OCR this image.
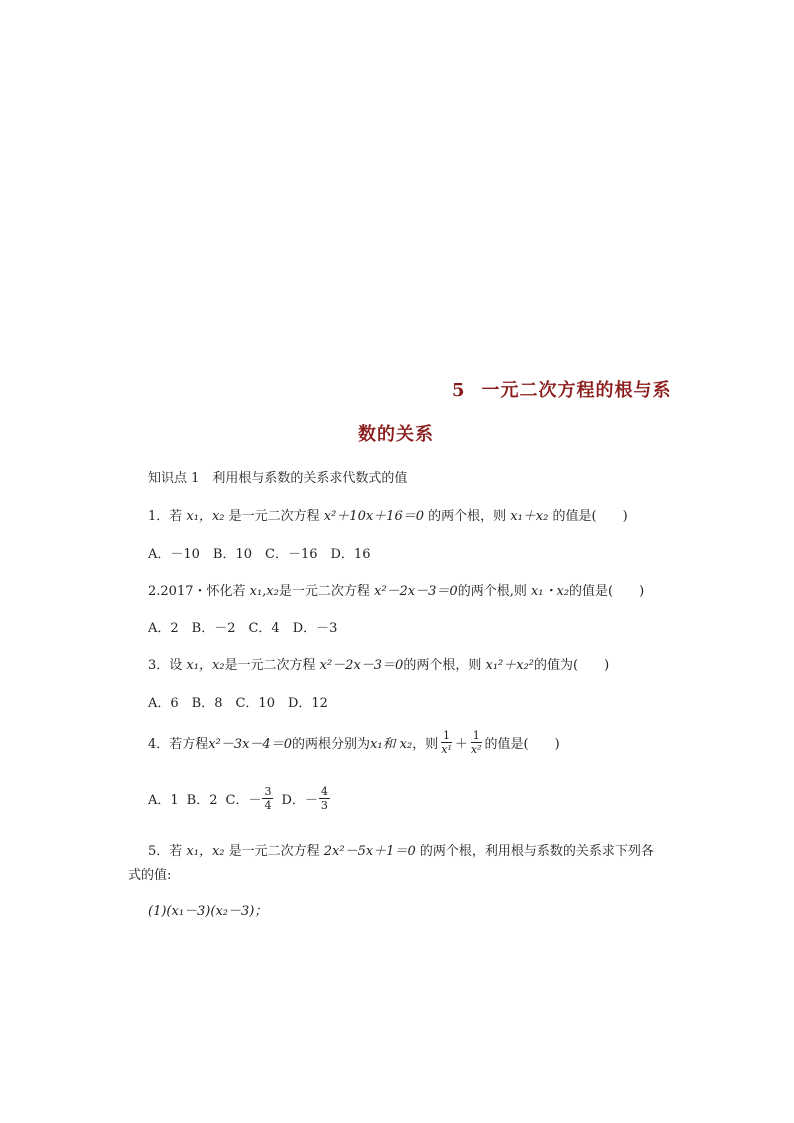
5 一元二次方程的根与系
数的关系
知识点 1　利用根与系数的关系求代数式的值
1．若 x₁，x₂ 是一元二次方程 x²＋10x＋16＝0 的两个根，则 x₁＋x₂ 的值是(　　)
A．－10　B．10　C．－16　D．16
2.2017・怀化若 x₁,x₂是一元二次方程 x²－2x－3＝0的两个根,则 x₁・x₂的值是(　　)
A．2　B．－2　C．4　D．－3
3．设 x₁，x₂是一元二次方程 x²－2x－3＝0的两个根，则 x₁²＋x₂²的值为(　　)
A．6　B．8　C．10　D．12
4．若方程 x²－3x－4＝0 的两根分别为 x₁和 x₂ ，则 $\frac{1}{\text{x¹}} + \frac{1}{\text{x²}}$ 的值是(　　)
A．1 B．2 C．－ $\frac{3}{4}$ D．－ $\frac{4}{3}$
5．若 x₁，x₂ 是一元二次方程 2x²－5x＋1＝0 的两个根，利用根与系数的关系求下列各
式的值:
(1)(x₁－3)(x₂－3)；
